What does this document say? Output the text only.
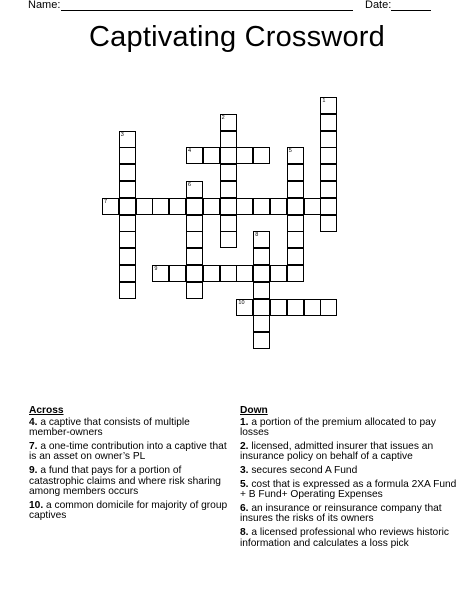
Name:	Date:
Captivating Crossword
1
2
3
4	5
6
7
8
9
10
Across
4. a captive that consists of multiple member-owners
7. a one-time contribution into a captive that is an asset on owner’s PL
9. a fund that pays for a portion of catastrophic claims and where risk sharing among members occurs
10. a common domicile for majority of group captives
Down
1. a portion of the premium allocated to pay losses
2. licensed, admitted insurer that issues an insurance policy on behalf of a captive
3. secures second A Fund
5. cost that is expressed as a formula 2XA Fund + B Fund+ Operating Expenses
6. an insurance or reinsurance company that insures the risks of its owners
8. a licensed professional who reviews historic information and calculates a loss pick
